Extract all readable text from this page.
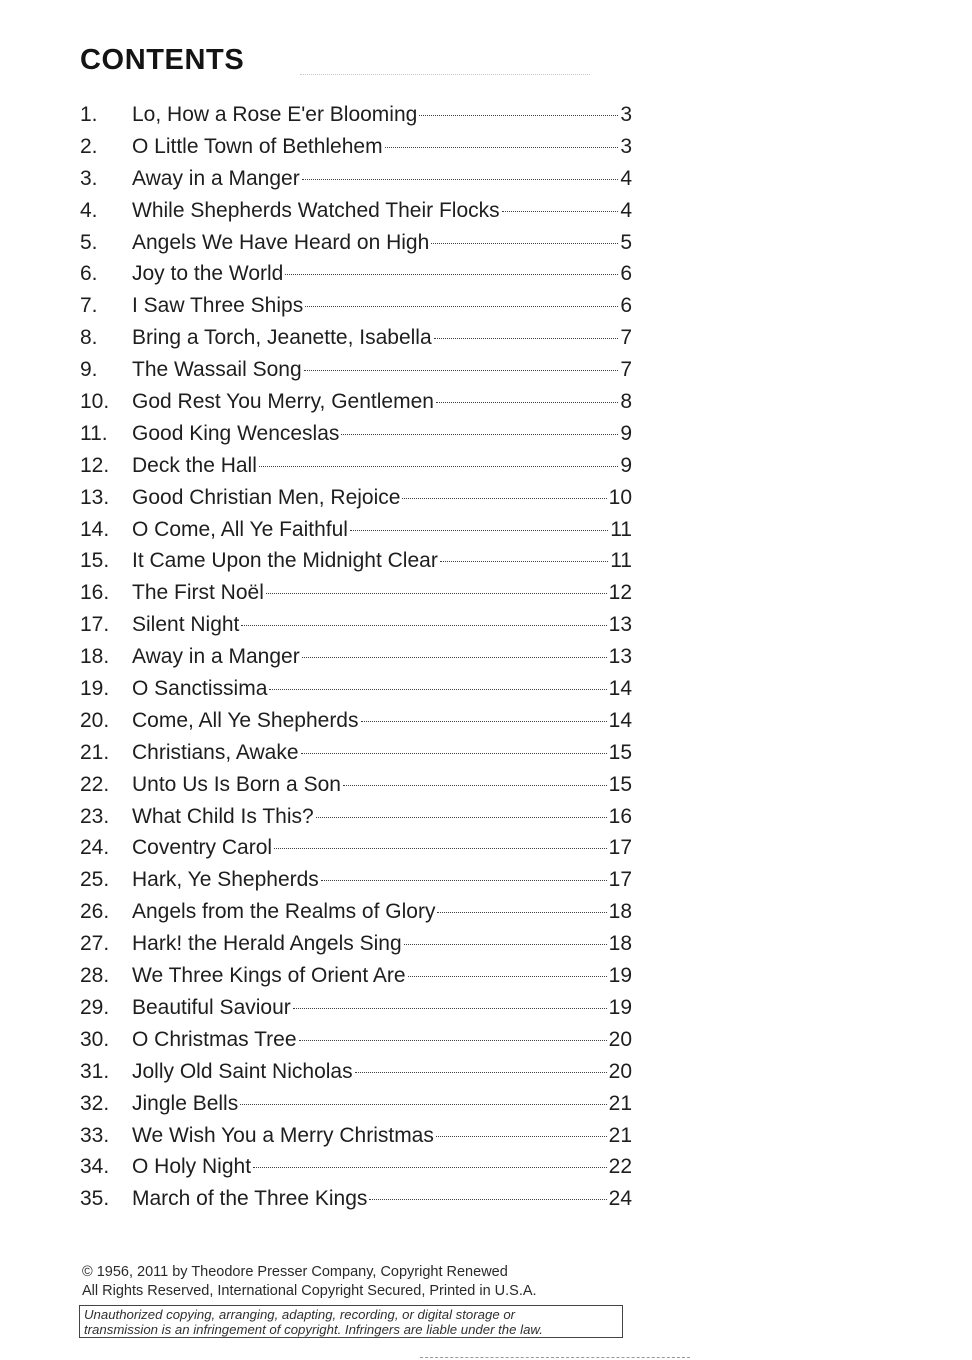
CONTENTS
1.	Lo, How a Rose E'er Blooming	3
2.	O Little Town of Bethlehem	3
3.	Away in a Manger	4
4.	While Shepherds Watched Their Flocks	4
5.	Angels We Have Heard on High	5
6.	Joy to the World	6
7.	I Saw Three Ships	6
8.	Bring a Torch, Jeanette, Isabella	7
9.	The Wassail Song	7
10.	God Rest You Merry, Gentlemen	8
11.	Good King Wenceslas	9
12.	Deck the Hall	9
13.	Good Christian Men, Rejoice	10
14.	O Come, All Ye Faithful	11
15.	It Came Upon the Midnight Clear	11
16.	The First Noël	12
17.	Silent Night	13
18.	Away in a Manger	13
19.	O Sanctissima	14
20.	Come, All Ye Shepherds	14
21.	Christians, Awake	15
22.	Unto Us Is Born a Son	15
23.	What Child Is This?	16
24.	Coventry Carol	17
25.	Hark, Ye Shepherds	17
26.	Angels from the Realms of Glory	18
27.	Hark! the Herald Angels Sing	18
28.	We Three Kings of Orient Are	19
29.	Beautiful Saviour	19
30.	O Christmas Tree	20
31.	Jolly Old Saint Nicholas	20
32.	Jingle Bells	21
33.	We Wish You a Merry Christmas	21
34.	O Holy Night	22
35.	March of the Three Kings	24
© 1956, 2011 by Theodore Presser Company, Copyright Renewed
All Rights Reserved, International Copyright Secured, Printed in U.S.A.
Unauthorized copying, arranging, adapting, recording, or digital storage or
transmission is an infringement of copyright. Infringers are liable under the law.
